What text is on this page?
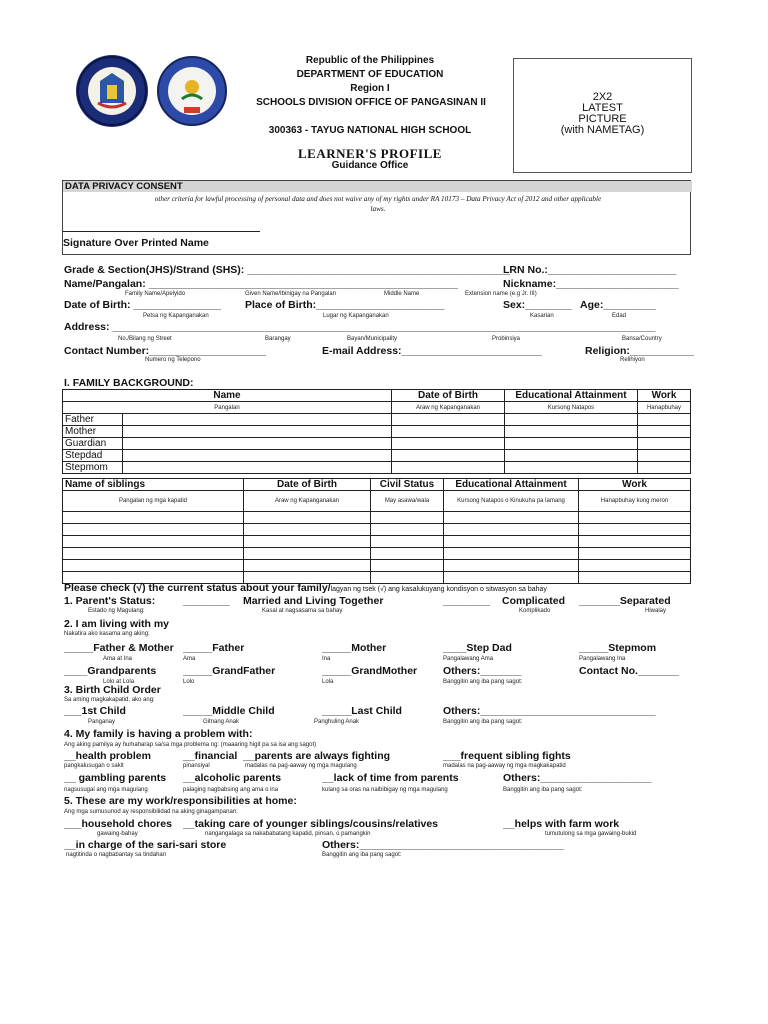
Republic of the Philippines
DEPARTMENT OF EDUCATION
Region I
SCHOOLS DIVISION OFFICE OF PANGASINAN II
300363 - TAYUG NATIONAL HIGH SCHOOL
LEARNER'S PROFILE
Guidance Office
2X2
LATEST
PICTURE
(with NAMETAG)
DATA PRIVACY CONSENT
other criteria for lawful processing of personal data and does not waive any of my rights under RA 10173 – Data Privacy Act of 2012 and other applicable
laws.
Signature Over Printed Name
Grade & Section(JHS)/Strand (SHS): _____________________________________________
LRN No.:______________________
Name/Pangalan: _____________________________________________________	Nickname:_____________________
Family Name/Apelyido	Given Name/Ibinigay na Pangalan	Middle Name	Extension name (e.g Jr. III)
Date of Birth: _______________ Place of Birth:______________________	Sex:________ Age:_________
Petsa ng Kapanganakan	Lugar ng Kapanganakan	Kasarian	Edad
Address: _____________________________________________________________________________________________
No./Bilang ng Street	Barangay	Bayan/Municipality	Probinsiya	Bansa/Country
Contact Number:____________________	E-mail Address:________________________	Religion:___________
Numero ng Telepono	Relihiyon
I. FAMILY BACKGROUND:
Name		Date of Birth	Educational Attainment	Work
Pangalan		Araw ng Kapanganakan	Kursong Natapos	Hanapbuhay
Father				
Mother				
Guardian				
Stepdad				
Stepmom				
Name of siblings	Date of Birth	Civil Status	Educational Attainment	Work
Pangalan ng mga kapatid	Araw ng Kapanganakan	May asawa/wala	Kursong Natapos o Kinukuha pa lamang	Hanapbuhay kung meron

Please check (√) the current status about your family/lagyan ng tsek (√) ang kasalukuyang kondisyon o sitwasyon sa bahay
1. Parent's Status:	________ Married and Living Together	________ Complicated _______Separated
Estado ng Magulang:	Kasal at nagsasama sa bahay	Komplikado	Hiwalay
2. I am living with my
Nakatira ako kasama ang aking:
_____Father & Mother _____Father	_____Mother	____Step Dad	_____Stepmom
Ama at Ina	Ama	Ina	Pangalawang Ama	Pangalawang Ina
____Grandparents	_____GrandFather	_____GrandMother Others:_______	Contact No._______
Lolo at Lola	Lolo	Lola	Banggitin ang iba pang sagot:
3. Birth Child Order
Sa aming magkakapatid, ako ang:
___1st Child	_____Middle Child	_____Last Child	Others:______________________________
Panganay	Gitnang Anak	Panghuling Anak	Banggitin ang iba pang sagot:
4. My family is having a problem with:
Ang aking pamilya ay humaharap sa/sa mga problema ng: (maaaring higit pa sa isa ang sagot)
__health problem	__financial __parents are always fighting	___frequent sibling fights
pangkalusugan o sakit	pinansiyal	madalas na pag-aaway ng mga magulang	madalas na pag-aaway ng mga magkakapatid
__ gambling parents __alcoholic parents	__lack of time from parents	Others:___________________
nagsusugal ang mga magulang	palaging nagbabsing ang ama o ina	kulang sa oras na naibibigay ng mga magulang	Banggitin ang iba pang sagot:
5. These are my work/responsibilities at home:
Ang mga sumusunod ay responsibilidad na aking ginagampanan:
___household chores __taking care of younger siblings/cousins/relatives	__helps with farm work
gawaing-bahay	nangangalaga sa nakababatang kapatid, pinsan, o pamangkin	tumutulong sa mga gawaing-bukid
__in charge of the sari-sari store	Others:___________________________________
nagtitinda o nagbabantay sa tindahan	Banggitin ang iba pang sagot:
